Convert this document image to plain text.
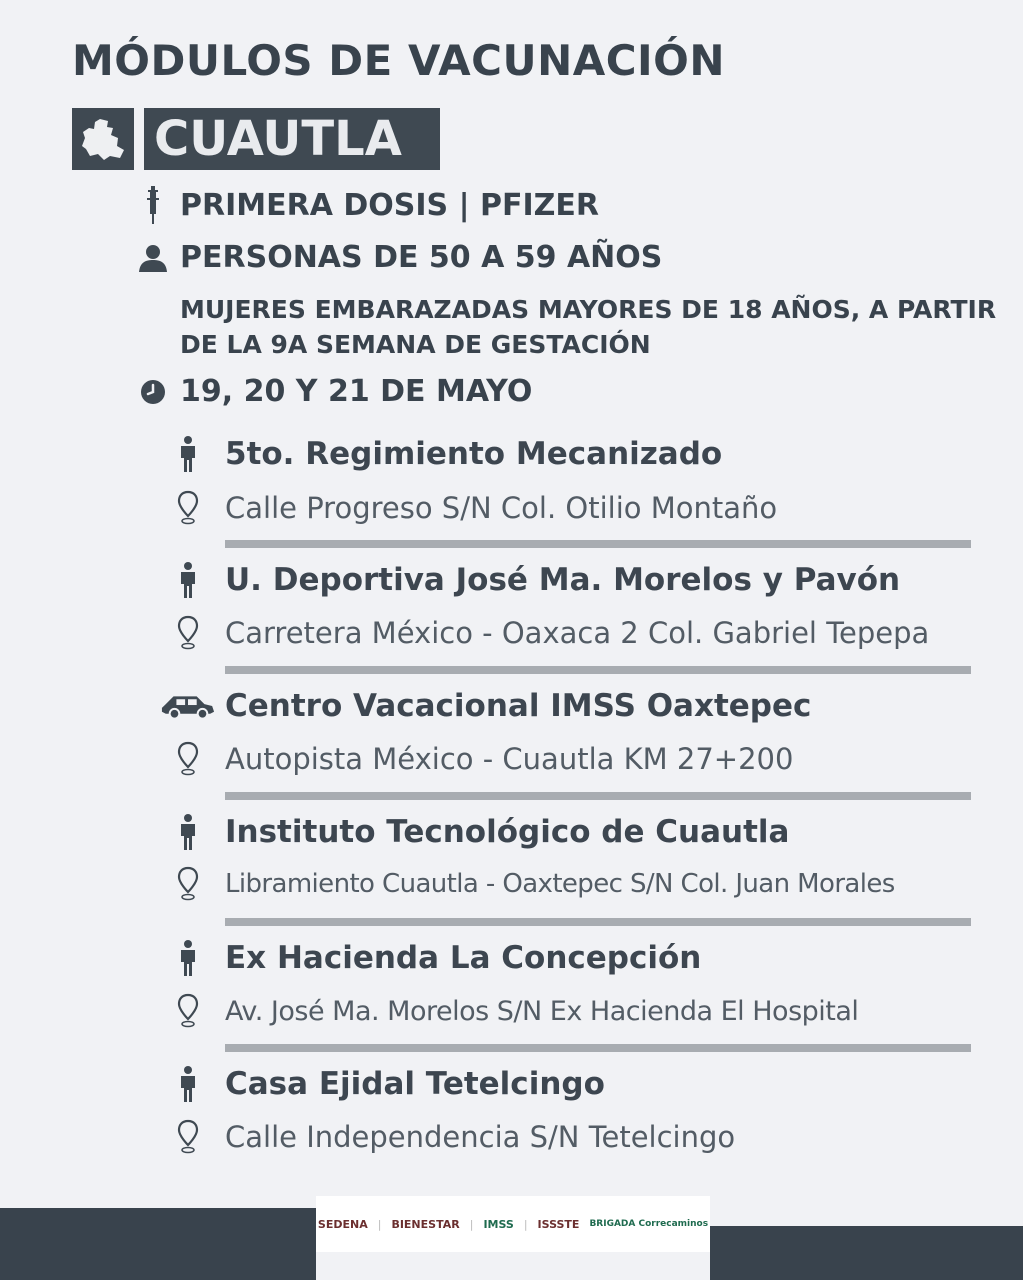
MÓDULOS DE VACUNACIÓN
CUAUTLA
PRIMERA DOSIS | PFIZER
PERSONAS DE 50 A 59 AÑOS
MUJERES EMBARAZADAS MAYORES DE 18 AÑOS, A PARTIR DE LA 9A SEMANA DE GESTACIÓN
19, 20 Y 21 DE MAYO
5to. Regimiento Mecanizado
Calle Progreso S/N Col. Otilio Montaño
U. Deportiva José Ma. Morelos y Pavón
Carretera México - Oaxaca 2 Col. Gabriel Tepepa
Centro Vacacional IMSS Oaxtepec
Autopista México - Cuautla KM 27+200
Instituto Tecnológico de Cuautla
Libramiento Cuautla - Oaxtepec S/N Col. Juan Morales
Ex Hacienda La Concepción
Av. José Ma. Morelos S/N Ex Hacienda El Hospital
Casa Ejidal Tetelcingo
Calle Independencia S/N Tetelcingo
SEDENA | BIENESTAR | IMSS | ISSSTE BRIGADA Correcaminos
